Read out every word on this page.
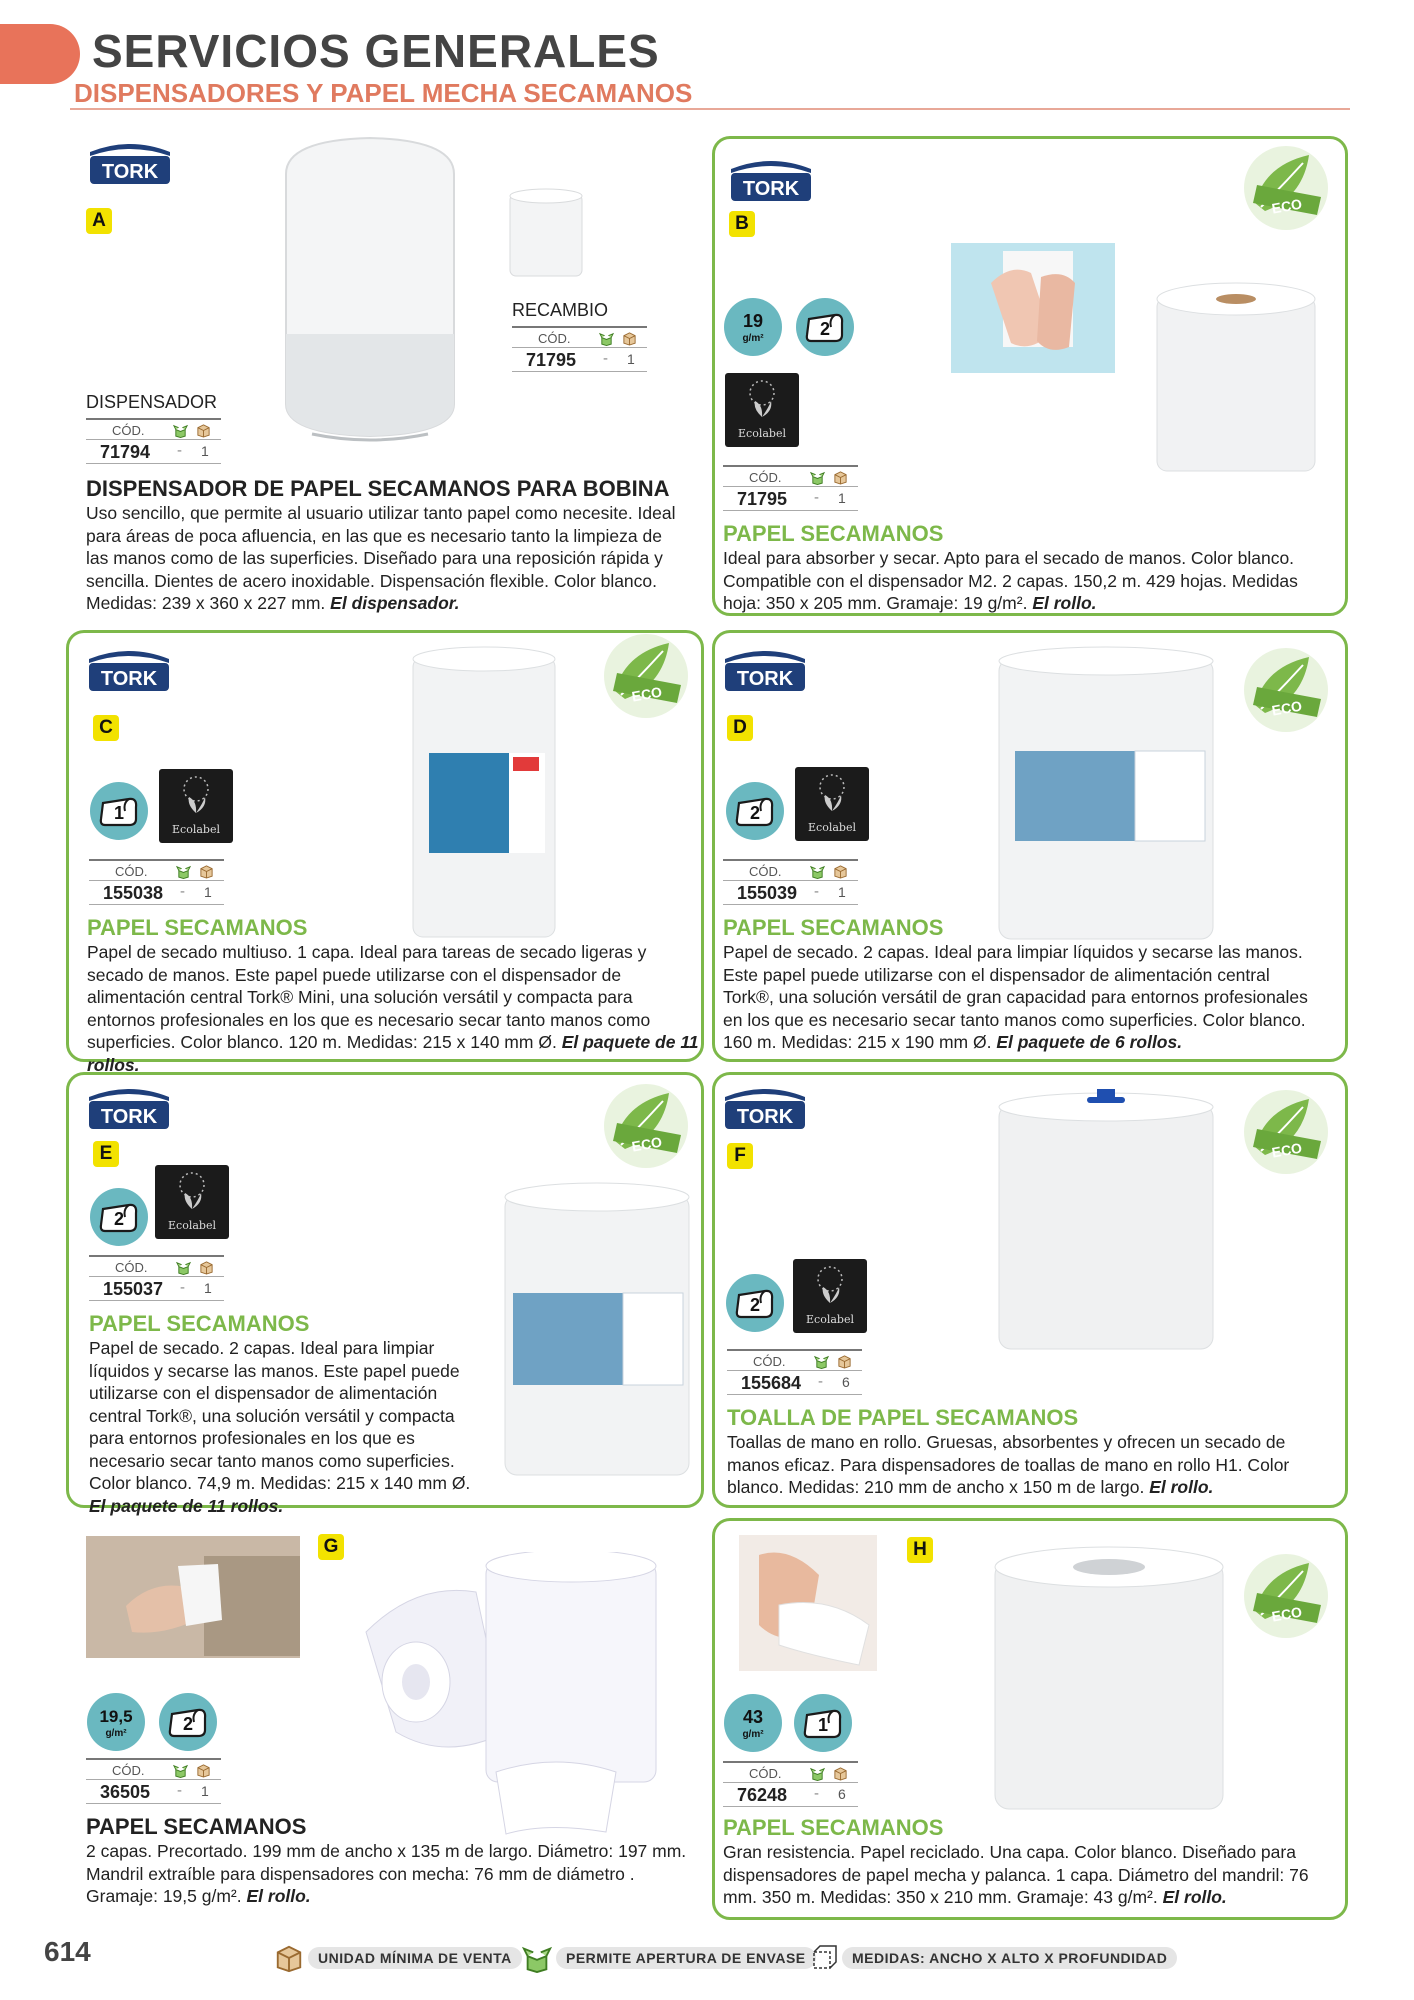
SERVICIOS GENERALES
DISPENSADORES Y PAPEL MECHA SECAMANOS
TORK
A
RECAMBIO
CÓD.
71795 - 1
DISPENSADOR
CÓD.
71794 - 1
DISPENSADOR DE PAPEL SECAMANOS PARA BOBINA
Uso sencillo, que permite al usuario utilizar tanto papel como necesite. Ideal para áreas de poca afluencia, en las que es necesario tanto la limpieza de las manos como de las superficies. Diseñado para una reposición rápida y sencilla. Dientes de acero inoxidable. Dispensación flexible. Color blanco. Medidas: 239 x 360 x 227 mm. El dispensador.
TORK
B
ECO
19
g/m²	2
Ecolabel
CÓD.
71795 - 1
PAPEL SECAMANOS
Ideal para absorber y secar. Apto para el secado de manos. Color blanco. Compatible con el dispensador M2. 2 capas. 150,2 m. 429 hojas. Medidas hoja: 350 x 205 mm. Gramaje: 19 g/m². El rollo.
TORK
C
ECO
1
Ecolabel
CÓD.
155038 - 1
PAPEL SECAMANOS
Papel de secado multiuso. 1 capa. Ideal para tareas de secado ligeras y secado de manos. Este papel puede utilizarse con el dispensador de alimentación central Tork® Mini, una solución versátil y compacta para entornos profesionales en los que es necesario secar tanto manos como superficies. Color blanco. 120 m. Medidas: 215 x 140 mm Ø. El paquete de 11 rollos.
TORK
D
ECO
2
Ecolabel
CÓD.
155039 - 1
PAPEL SECAMANOS
Papel de secado. 2 capas. Ideal para limpiar líquidos y secarse las manos. Este papel puede utilizarse con el dispensador de alimentación central Tork®, una solución versátil de gran capacidad para entornos profesionales en los que es necesario secar tanto manos como superficies. Color blanco. 160 m. Medidas: 215 x 190 mm Ø. El paquete de 6 rollos.
TORK
E	ECO
2	Ecolabel
CÓD.
155037 - 1
PAPEL SECAMANOS
Papel de secado. 2 capas. Ideal para limpiar líquidos y secarse las manos. Este papel puede utilizarse con el dispensador de alimentación central Tork®, una solución versátil y compacta para entornos profesionales en los que es necesario secar tanto manos como superficies. Color blanco. 74,9 m. Medidas: 215 x 140 mm Ø. El paquete de 11 rollos.
TORK
F	ECO
2
Ecolabel
CÓD.
155684 - 6
TOALLA DE PAPEL SECAMANOS
Toallas de mano en rollo. Gruesas, absorbentes y ofrecen un secado de manos eficaz. Para dispensadores de toallas de mano en rollo H1. Color blanco. Medidas: 210 mm de ancho x 150 m de largo. El rollo.
G
19,5
g/m²	2
CÓD.
36505 - 1
PAPEL SECAMANOS
2 capas. Precortado. 199 mm de ancho x 135 m de largo. Diámetro: 197 mm. Mandril extraíble para dispensadores con mecha: 76 mm de diámetro . Gramaje: 19,5 g/m². El rollo.
H
ECO
43
g/m²	1
CÓD.
76248 - 6
PAPEL SECAMANOS
Gran resistencia. Papel reciclado. Una capa. Color blanco. Diseñado para dispensadores de papel mecha y palanca. 1 capa. Diámetro del mandril: 76 mm. 350 m. Medidas: 350 x 210 mm. Gramaje: 43 g/m². El rollo.
614	UNIDAD MÍNIMA DE VENTA	PERMITE APERTURA DE ENVASE	MEDIDAS: ANCHO X ALTO X PROFUNDIDAD
